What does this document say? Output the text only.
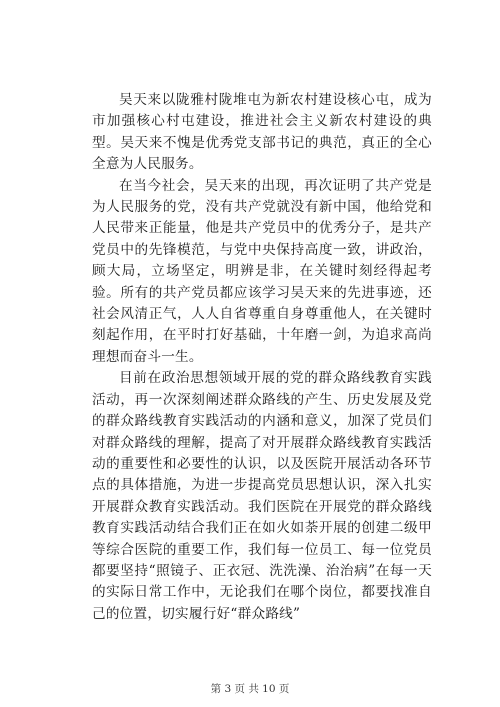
吴天来以陇雅村陇堆屯为新农村建设核心屯，成为市加强核心村屯建设，推进社会主义新农村建设的典型。吴天来不愧是优秀党支部书记的典范，真正的全心全意为人民服务。

在当今社会，吴天来的出现，再次证明了共产党是为人民服务的党，没有共产党就没有新中国，他给党和人民带来正能量，他是共产党员中的优秀分子，是共产党员中的先锋模范，与党中央保持高度一致，讲政治，顾大局，立场坚定，明辨是非，在关键时刻经得起考验。所有的共产党员都应该学习吴天来的先进事迹，还社会风清正气，人人自省尊重自身尊重他人，在关键时刻起作用，在平时打好基础，十年磨一剑，为追求高尚理想而奋斗一生。

目前在政治思想领域开展的党的群众路线教育实践活动，再一次深刻阐述群众路线的产生、历史发展及党的群众路线教育实践活动的内涵和意义，加深了党员们对群众路线的理解，提高了对开展群众路线教育实践活动的重要性和必要性的认识，以及医院开展活动各环节点的具体措施，为进一步提高党员思想认识，深入扎实开展群众教育实践活动。我们医院在开展党的群众路线教育实践活动结合我们正在如火如荼开展的创建二级甲等综合医院的重要工作，我们每一位员工、每一位党员都要坚持“照镜子、正衣冠、洗洗澡、治治病”在每一天的实际日常工作中，无论我们在哪个岗位，都要找准自己的位置，切实履行好“群众路线”

第 3 页 共 10 页
